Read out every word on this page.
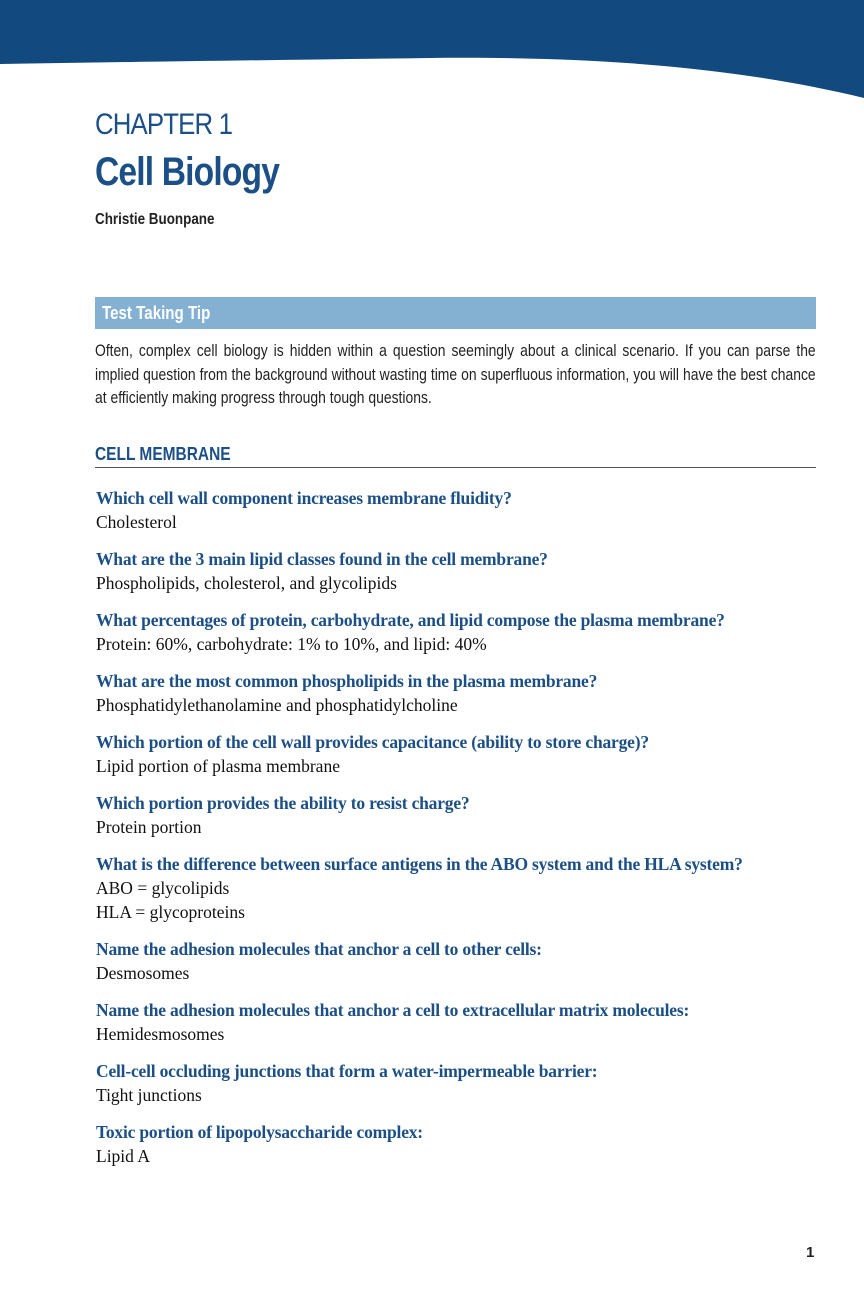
CHAPTER 1
Cell Biology
Christie Buonpane
Test Taking Tip
Often, complex cell biology is hidden within a question seemingly about a clinical scenario. If you can parse the implied question from the background without wasting time on superfluous information, you will have the best chance at efficiently making progress through tough questions.
CELL MEMBRANE
Which cell wall component increases membrane fluidity?
Cholesterol
What are the 3 main lipid classes found in the cell membrane?
Phospholipids, cholesterol, and glycolipids
What percentages of protein, carbohydrate, and lipid compose the plasma membrane?
Protein: 60%, carbohydrate: 1% to 10%, and lipid: 40%
What are the most common phospholipids in the plasma membrane?
Phosphatidylethanolamine and phosphatidylcholine
Which portion of the cell wall provides capacitance (ability to store charge)?
Lipid portion of plasma membrane
Which portion provides the ability to resist charge?
Protein portion
What is the difference between surface antigens in the ABO system and the HLA system?
ABO = glycolipids
HLA = glycoproteins
Name the adhesion molecules that anchor a cell to other cells:
Desmosomes
Name the adhesion molecules that anchor a cell to extracellular matrix molecules:
Hemidesmosomes
Cell-cell occluding junctions that form a water-impermeable barrier:
Tight junctions
Toxic portion of lipopolysaccharide complex:
Lipid A
1
